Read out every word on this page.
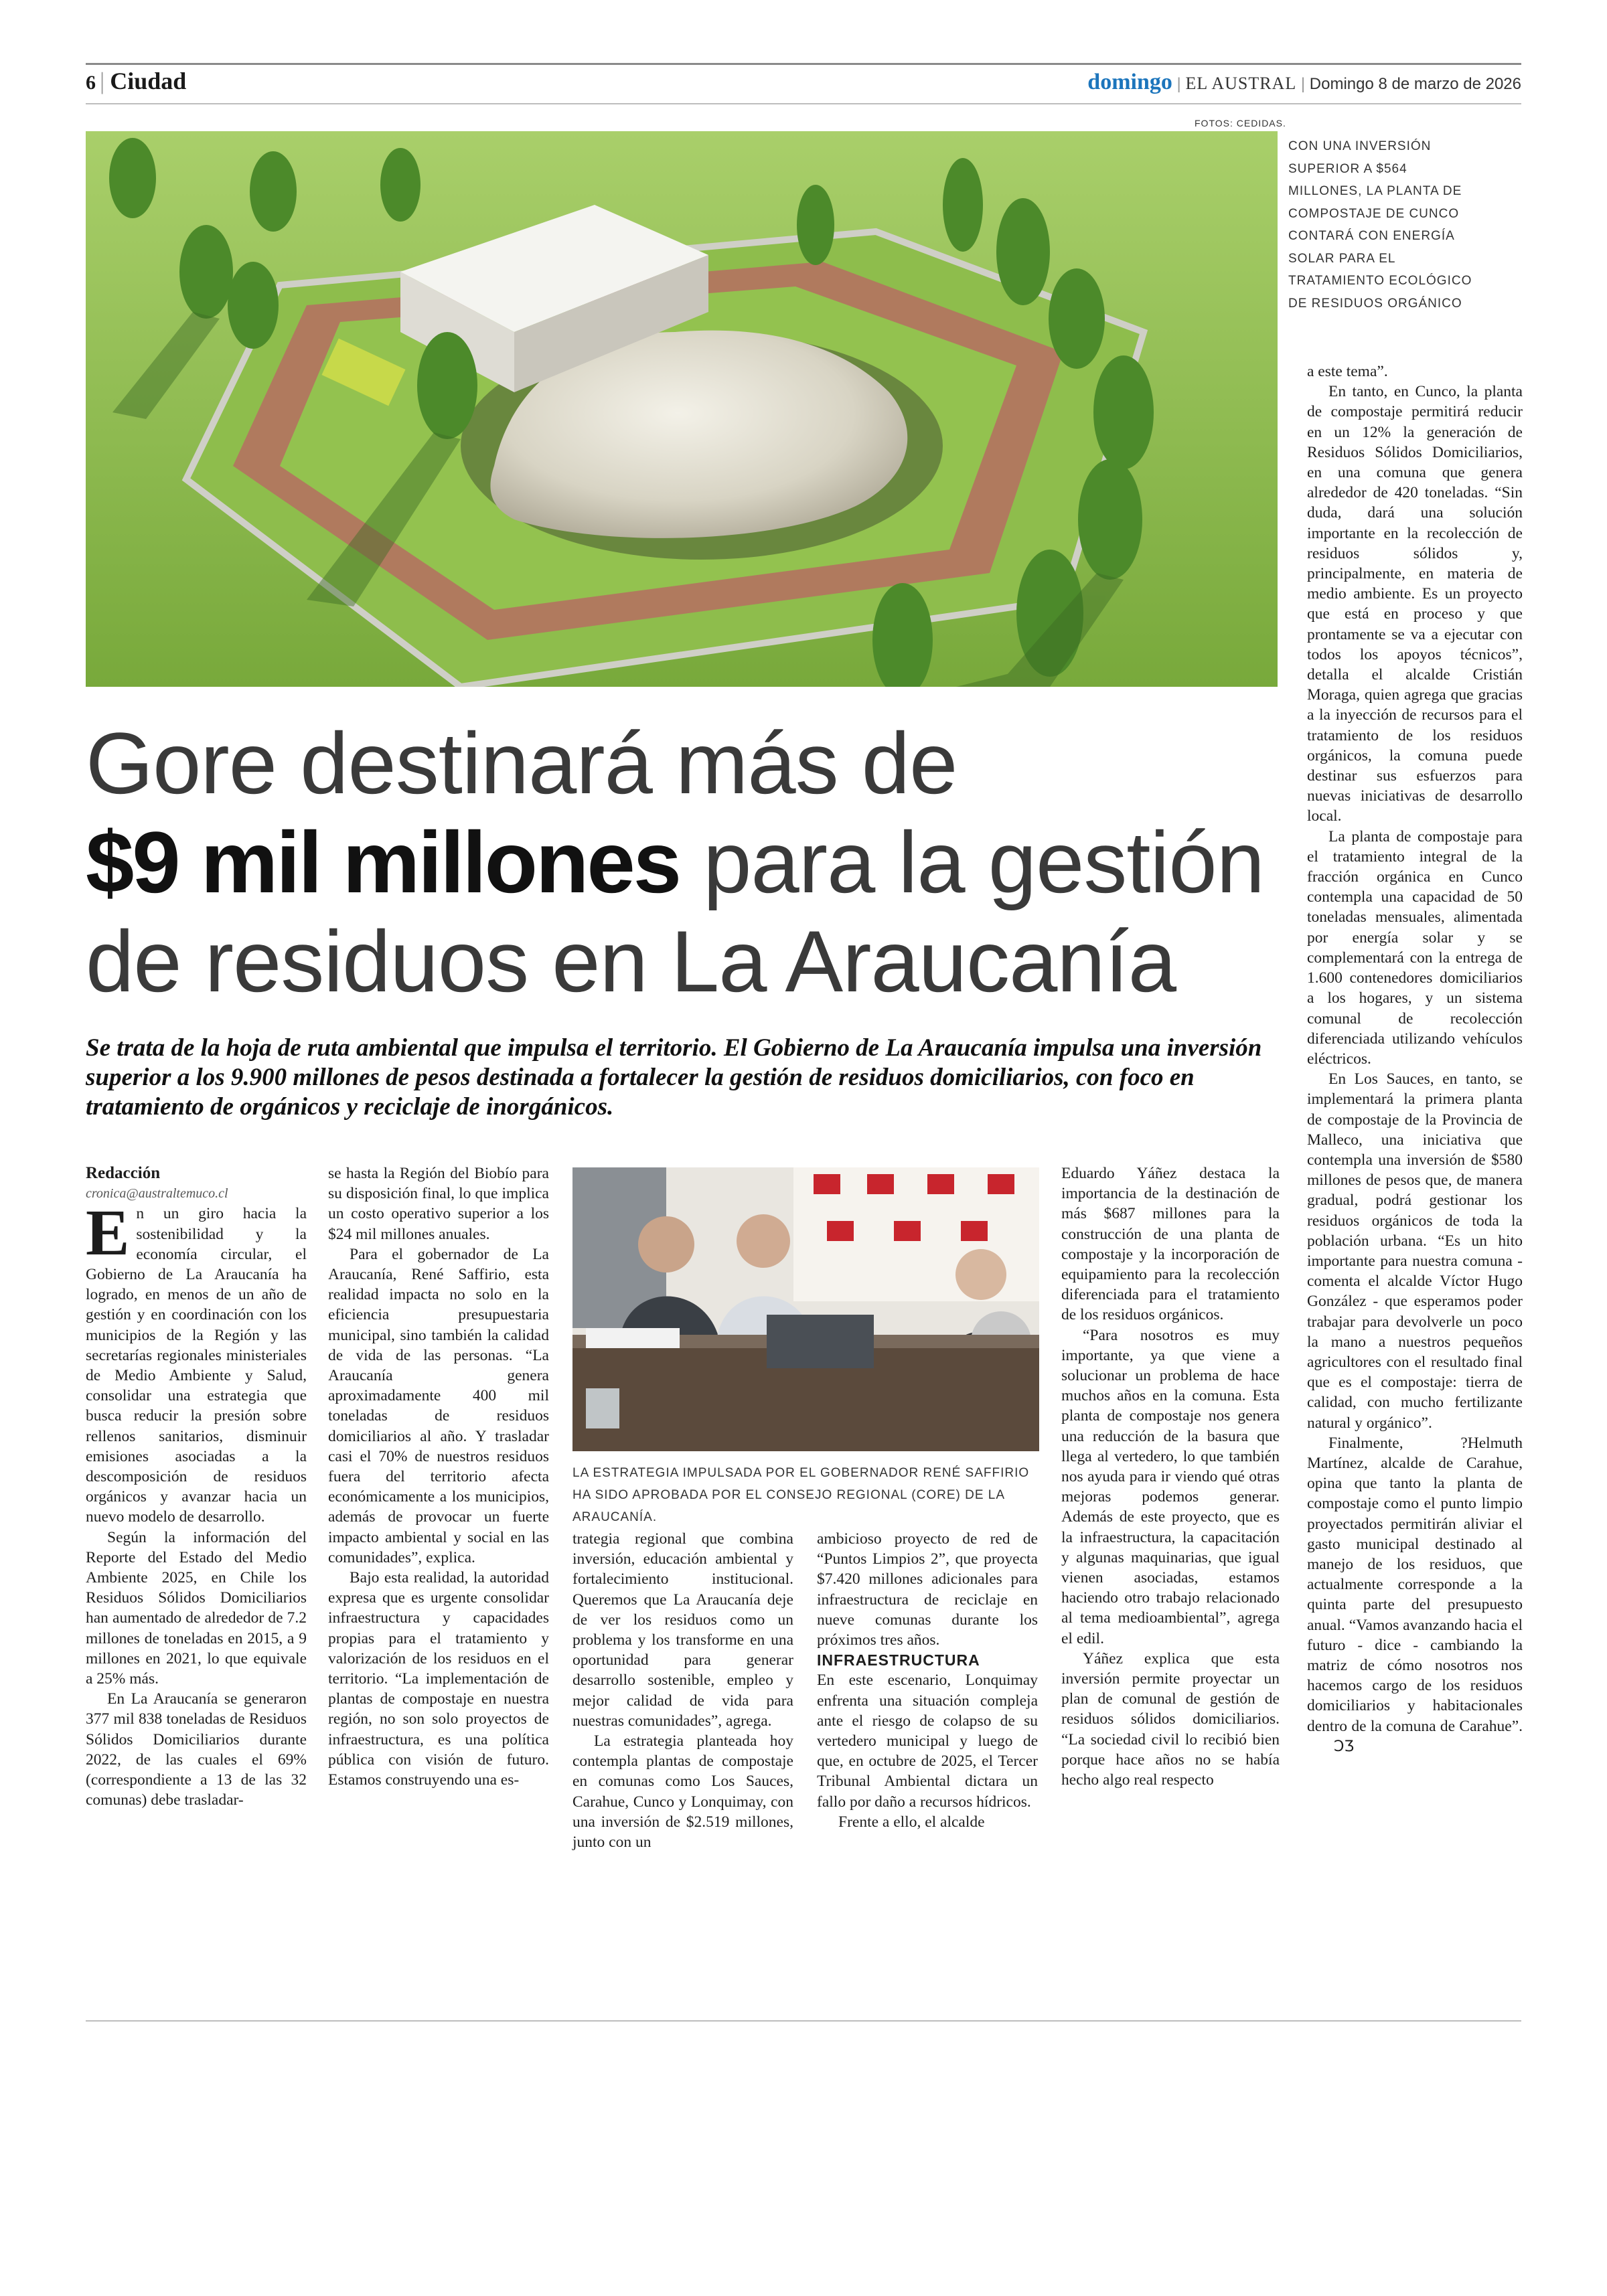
6 | Ciudad	domingo | EL AUSTRAL | Domingo 8 de marzo de 2026
FOTOS: CEDIDAS.
CON UNA INVERSIÓN SUPERIOR A $564 MILLONES, LA PLANTA DE COMPOSTAJE DE CUNCO CONTARÁ CON ENERGÍA SOLAR PARA EL TRATAMIENTO ECOLÓGICO DE RESIDUOS ORGÁNICO
Gore destinará más de
$9 mil millones para la gestión
de residuos en La Araucanía

Se trata de la hoja de ruta ambiental que impulsa el territorio. El Gobierno de La Araucanía impulsa una inversión superior a los 9.900 millones de pesos destinada a fortalecer la gestión de residuos domiciliarios, con foco en tratamiento de orgánicos y reciclaje de inorgánicos.

Redacción

cronica@australtemuco.cl

En un giro hacia la sostenibilidad y la economía circular, el Gobierno de La Araucanía ha logrado, en menos de un año de gestión y en coordinación con los municipios de la Región y las secretarías regionales ministeriales de Medio Ambiente y Salud, consolidar una estrategia que busca reducir la presión sobre rellenos sanitarios, disminuir emisiones asociadas a la descomposición de residuos orgánicos y avanzar hacia un nuevo modelo de desarrollo.

Según la información del Reporte del Estado del Medio Ambiente 2025, en Chile los Residuos Sólidos Domiciliarios han aumentado de alrededor de 7.2 millones de toneladas en 2015, a 9 millones en 2021, lo que equivale a 25% más.

En La Araucanía se generaron 377 mil 838 toneladas de Residuos Sólidos Domiciliarios durante 2022, de las cuales el 69% (correspondiente a 13 de las 32 comunas) debe trasladar-

se hasta la Región del Biobío para su disposición final, lo que implica un costo operativo superior a los $24 mil millones anuales.

Para el gobernador de La Araucanía, René Saffirio, esta realidad impacta no solo en la eficiencia presupuestaria municipal, sino también la calidad de vida de las personas. “La Araucanía genera aproximadamente 400 mil toneladas de residuos domiciliarios al año. Y trasladar casi el 70% de nuestros residuos fuera del territorio afecta económicamente a los municipios, además de provocar un fuerte impacto ambiental y social en las comunidades”, explica.

Bajo esta realidad, la autoridad expresa que es urgente consolidar infraestructura y capacidades propias para el tratamiento y valorización de los residuos en el territorio. “La implementación de plantas de compostaje en nuestra región, no son solo proyectos de infraestructura, es una política pública con visión de futuro. Estamos construyendo una es-

LA ESTRATEGIA IMPULSADA POR EL GOBERNADOR RENÉ SAFFIRIO HA SIDO APROBADA POR EL CONSEJO REGIONAL (CORE) DE LA ARAUCANÍA.

trategia regional que combina inversión, educación ambiental y fortalecimiento institucional. Queremos que La Araucanía deje de ver los residuos como un problema y los transforme en una oportunidad para generar desarrollo sostenible, empleo y mejor calidad de vida para nuestras comunidades”, agrega.

La estrategia planteada hoy contempla plantas de compostaje en comunas como Los Sauces, Carahue, Cunco y Lonquimay, con una inversión de $2.519 millones, junto con un

ambicioso proyecto de red de “Puntos Limpios 2”, que proyecta $7.420 millones adicionales para infraestructura de reciclaje en nueve comunas durante los próximos tres años.

INFRAESTRUCTURA

En este escenario, Lonquimay enfrenta una situación compleja ante el riesgo de colapso de su vertedero municipal y luego de que, en octubre de 2025, el Tercer Tribunal Ambiental dictara un fallo por daño a recursos hídricos.

Frente a ello, el alcalde

Eduardo Yáñez destaca la importancia de la destinación de más $687 millones para la construcción de una planta de compostaje y la incorporación de equipamiento para la recolección diferenciada para el tratamiento de los residuos orgánicos.

“Para nosotros es muy importante, ya que viene a solucionar un problema de hace muchos años en la comuna. Esta planta de compostaje nos genera una reducción de la basura que llega al vertedero, lo que también nos ayuda para ir viendo qué otras mejoras podemos generar. Además de este proyecto, que es la infraestructura, la capacitación y algunas maquinarias, que igual vienen asociadas, estamos haciendo otro trabajo relacionado al tema medioambiental”, agrega el edil.

Yáñez explica que esta inversión permite proyectar un plan de comunal de gestión de residuos sólidos domiciliarios. “La sociedad civil lo recibió bien porque hace años no se había hecho algo real respecto

a este tema”.

En tanto, en Cunco, la planta de compostaje permitirá reducir en un 12% la generación de Residuos Sólidos Domiciliarios, en una comuna que genera alrededor de 420 toneladas. “Sin duda, dará una solución importante en la recolección de residuos sólidos y, principalmente, en materia de medio ambiente. Es un proyecto que está en proceso y que prontamente se va a ejecutar con todos los apoyos técnicos”, detalla el alcalde Cristián Moraga, quien agrega que gracias a la inyección de recursos para el tratamiento de los residuos orgánicos, la comuna puede destinar sus esfuerzos para nuevas iniciativas de desarrollo local.

La planta de compostaje para el tratamiento integral de la fracción orgánica en Cunco contempla una capacidad de 50 toneladas mensuales, alimentada por energía solar y se complementará con la entrega de 1.600 contenedores domiciliarios a los hogares, y un sistema comunal de recolección diferenciada utilizando vehículos eléctricos.

En Los Sauces, en tanto, se implementará la primera planta de compostaje de la Provincia de Malleco, una iniciativa que contempla una inversión de $580 millones de pesos que, de manera gradual, podrá gestionar los residuos orgánicos de toda la población urbana. “Es un hito importante para nuestra comuna - comenta el alcalde Víctor Hugo González - que esperamos poder trabajar para devolverle un poco la mano a nuestros pequeños agricultores con el resultado final que es el compostaje: tierra de calidad, con mucho fertilizante natural y orgánico”.

Finalmente, ?Helmuth Martínez, alcalde de Carahue, opina que tanto la planta de compostaje como el punto limpio proyectados permitirán aliviar el gasto municipal destinado al manejo de los residuos, que actualmente corresponde a la quinta parte del presupuesto anual. “Vamos avanzando hacia el futuro - dice - cambiando la matriz de cómo nosotros nos hacemos cargo de los residuos domiciliarios y habitacionales dentro de la comuna de Carahue”.ↃƷ
